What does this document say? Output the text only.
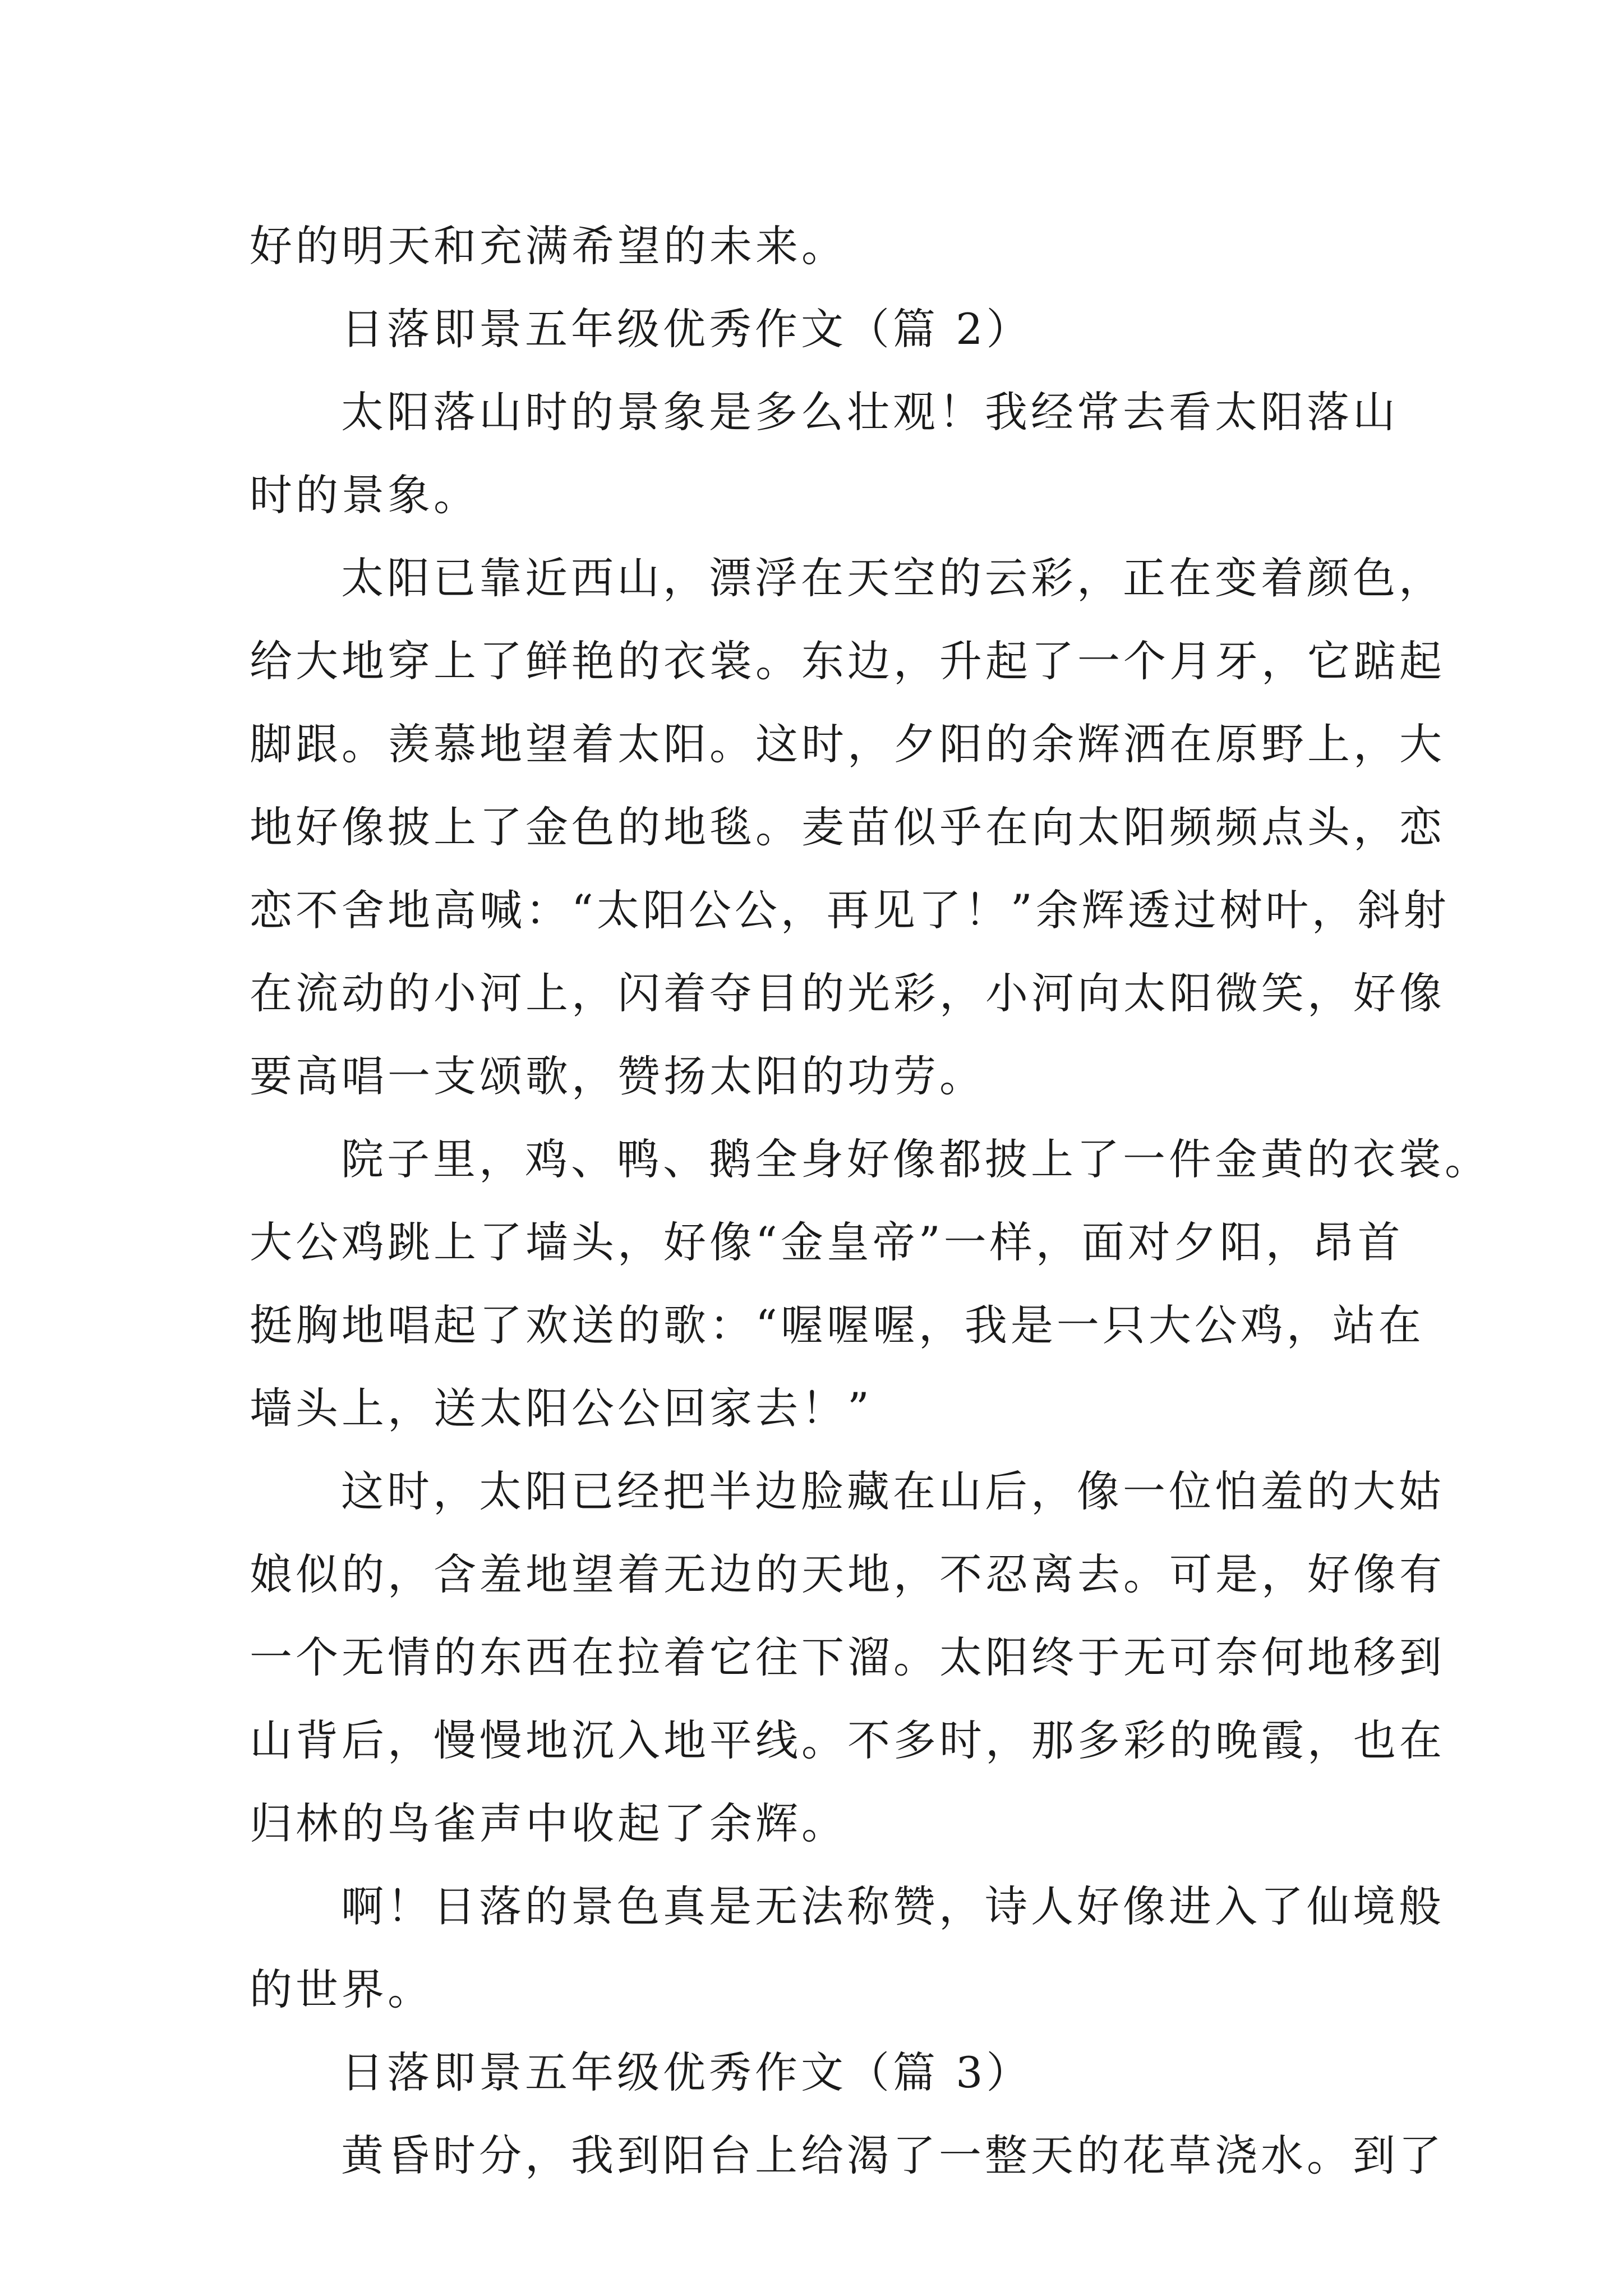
好的明天和充满希望的未来。
日落即景五年级优秀作文（篇 2）
太阳落山时的景象是多么壮观！我经常去看太阳落山
时的景象。
太阳已靠近西山，漂浮在天空的云彩，正在变着颜色，
给大地穿上了鲜艳的衣裳。东边，升起了一个月牙，它踮起
脚跟。羡慕地望着太阳。这时，夕阳的余辉洒在原野上，大
地好像披上了金色的地毯。麦苗似乎在向太阳频频点头，恋
恋不舍地高喊：“太阳公公，再见了！”余辉透过树叶，斜射
在流动的小河上，闪着夺目的光彩，小河向太阳微笑，好像
要高唱一支颂歌，赞扬太阳的功劳。
院子里，鸡、鸭、鹅全身好像都披上了一件金黄的衣裳。
大公鸡跳上了墙头，好像“金皇帝”一样，面对夕阳，昂首
挺胸地唱起了欢送的歌：“喔喔喔，我是一只大公鸡，站在
墙头上，送太阳公公回家去！”
这时，太阳已经把半边脸藏在山后，像一位怕羞的大姑
娘似的，含羞地望着无边的天地，不忍离去。可是，好像有
一个无情的东西在拉着它往下溜。太阳终于无可奈何地移到
山背后，慢慢地沉入地平线。不多时，那多彩的晚霞，也在
归林的鸟雀声中收起了余辉。
啊！日落的景色真是无法称赞，诗人好像进入了仙境般
的世界。
日落即景五年级优秀作文（篇 3）
黄昏时分，我到阳台上给渴了一整天的花草浇水。到了
